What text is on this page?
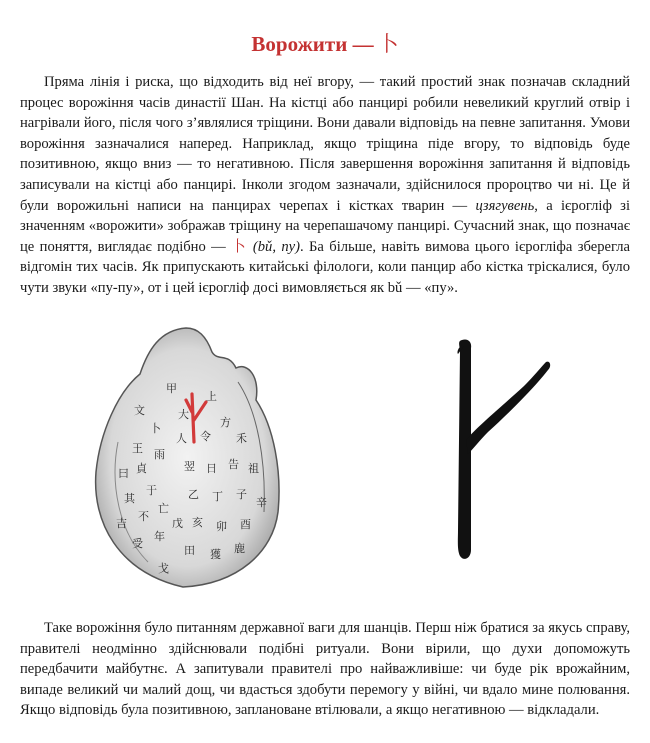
Ворожити — 卜

Пряма лінія і риска, що відходить від неї вгору, — такий простий знак позначав складний процес ворожіння часів династії Шан. На кістці або панцирі робили невеликий круглий отвір і нагрівали його, після чого з’являлися тріщини. Вони давали відповідь на певне запитання. Умови ворожіння зазначалися наперед. Наприклад, якщо тріщина піде вгору, то відповідь буде позитивною, якщо вниз — то негативною. Після завершення ворожіння запитання й відповідь записували на кістці або панцирі. Інколи згодом зазначали, здійснилося пророцтво чи ні. Це й були ворожильні написи на панцирах черепах і кістках тварин — цзягувень, а ієрогліф зі значенням «ворожити» зображав тріщину на черепашачому панцирі. Сучасний знак, що позначає це поняття, виглядає подібно — 卜 (bǔ, пу). Ба більше, навіть вимова цього ієрогліфа зберегла відгомін тих часів. Як припускають китайські філологи, коли панцир або кістка тріскалися, було чути звуки «пу-пу», от і цей ієрогліф досі вимовляється як bǔ — «пу».

文
卜
王
曰 貞
雨
其
于
吉
不
亡
受
年
戊
人 令
方
禾
翌 日 告 祖
乙 丁 子
辛
亥 卯 酉
田 獲 鹿
大
上
甲
戈

Таке ворожіння було питанням державної ваги для шанців. Перш ніж братися за якусь справу, правителі неодмінно здійснювали подібні ритуали. Вони вірили, що духи допоможуть передбачити майбутнє. А запитували правителі про найважливіше: чи буде рік врожайним, випаде великий чи малий дощ, чи вдасться здобути перемогу у війні, чи вдало мине полювання. Якщо відповідь була позитивною, заплановане втілювали, а якщо негативною — відкладали.
